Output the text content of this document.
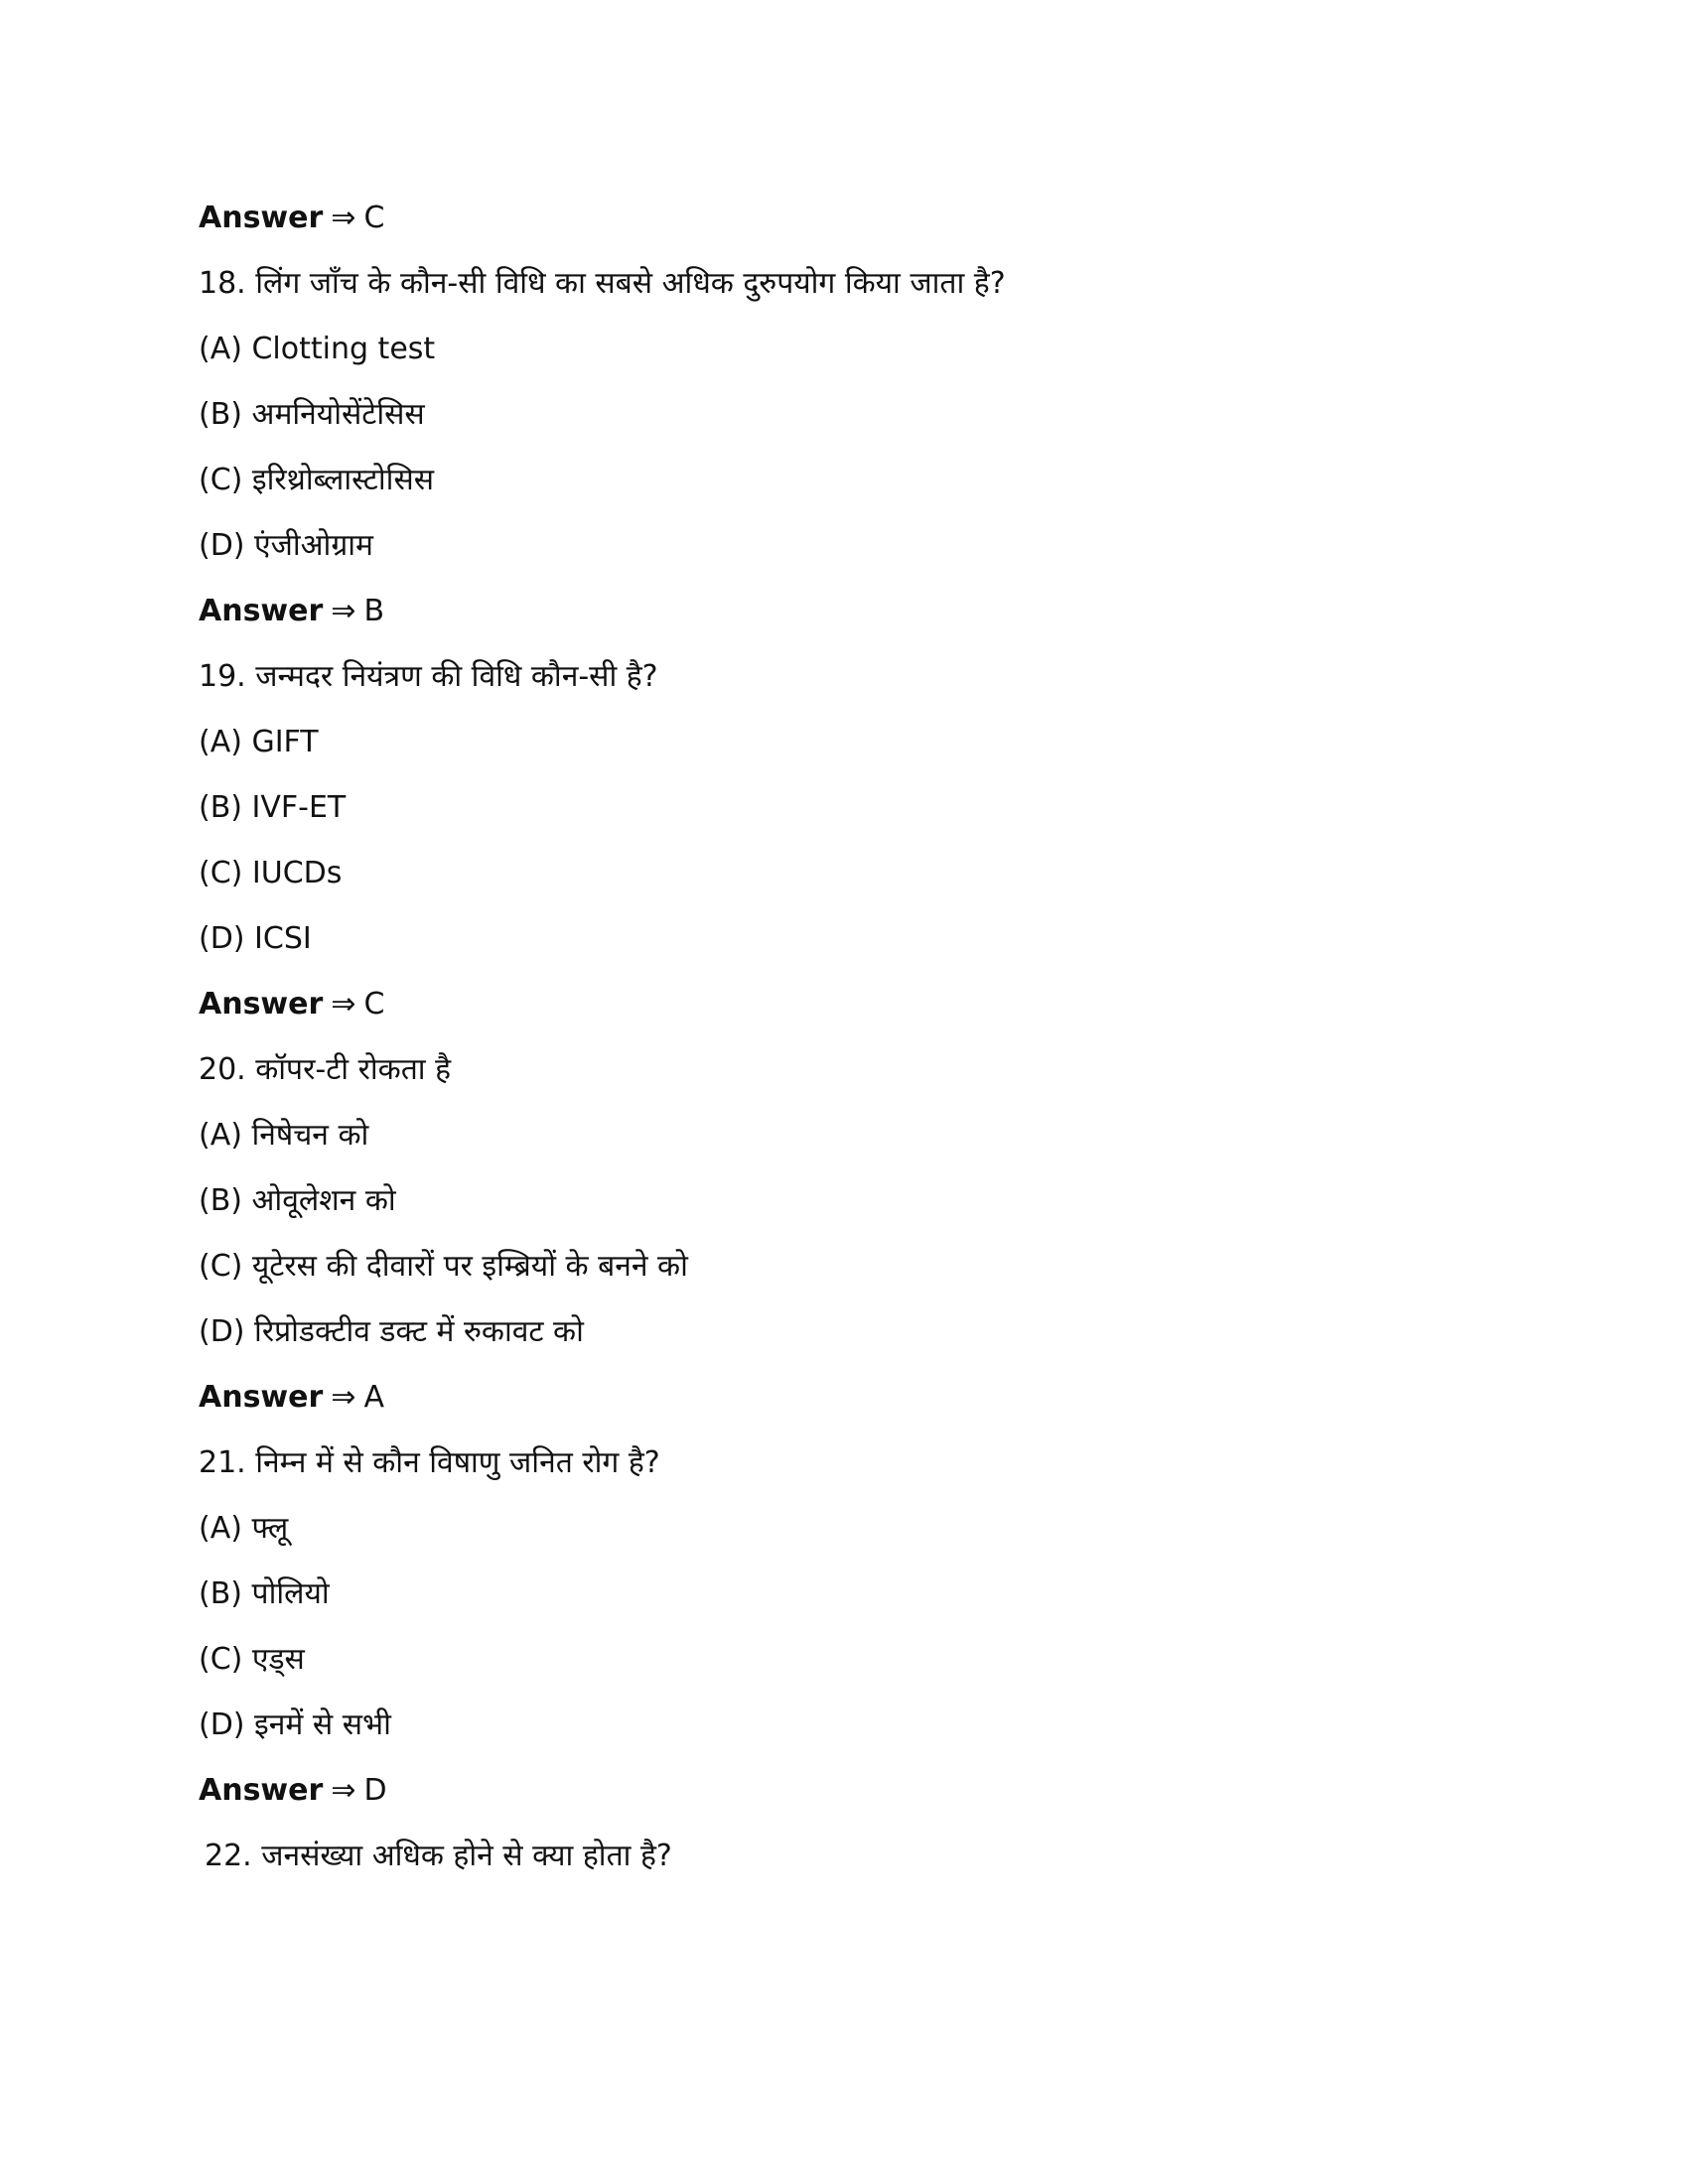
Answer ⇒ C
18. लिंग जाँच के कौन-सी विधि का सबसे अधिक दुरुपयोग किया जाता है?
(A) Clotting test
(B) अमनियोसेंटेसिस
(C) इरिथ्रोब्लास्टोसिस
(D) एंजीओग्राम
Answer ⇒ B
19. जन्मदर नियंत्रण की विधि कौन-सी है?
(A) GIFT
(B) IVF-ET
(C) IUCDs
(D) ICSI
Answer ⇒ C
20. कॉपर-टी रोकता है
(A) निषेचन को
(B) ओवूलेशन को
(C) यूटेरस की दीवारों पर इम्ब्रियों के बनने को
(D) रिप्रोडक्टीव डक्ट में रुकावट को
Answer ⇒ A
21. निम्न में से कौन विषाणु जनित रोग है?
(A) फ्लू
(B) पोलियो
(C) एड्स
(D) इनमें से सभी
Answer ⇒ D
22. जनसंख्या अधिक होने से क्या होता है?
